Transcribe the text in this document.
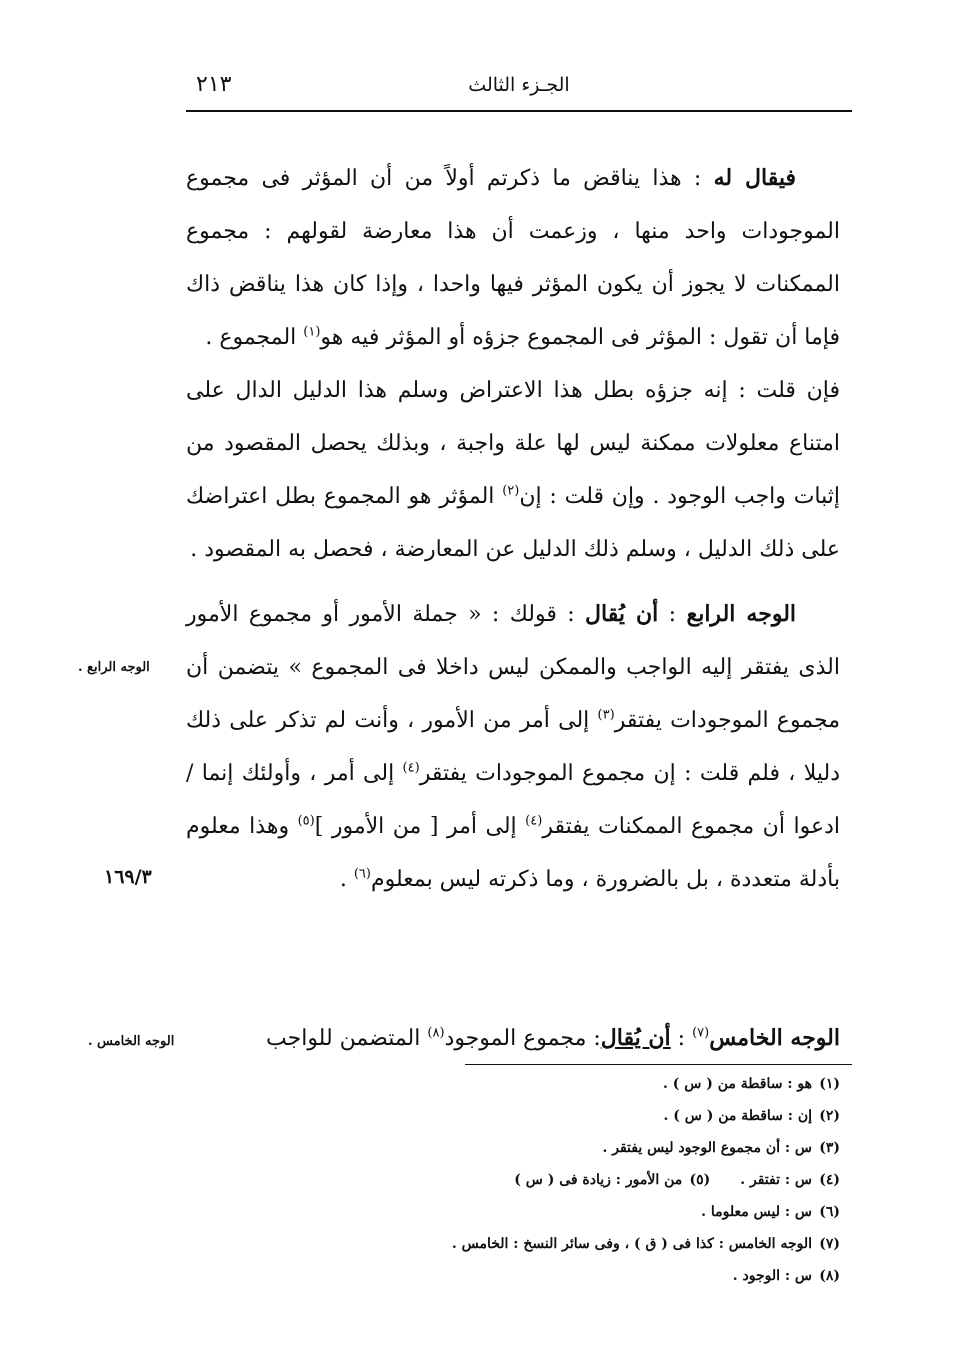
الجـزء الثالث
٢١٣

فيقال له : هذا يناقض ما ذكرتم أولاً من أن المؤثر فى مجموع الموجودات واحد منها ، وزعمت أن هذا معارضة لقولهم : مجموع الممكنات لا يجوز أن يكون المؤثر فيها واحدا ، وإذا كان هذا يناقض ذاك فإما أن تقول : المؤثر فى المجموع جزؤه أو المؤثر فيه هو$^{(١)}$ المجموع .

فإن قلت : إنه جزؤه بطل هذا الاعتراض وسلم هذا الدليل الدال على امتناع معلولات ممكنة ليس لها علة واجبة ، وبذلك يحصل المقصود من إثبات واجب الوجود . وإن قلت : إن$^{(٢)}$ المؤثر هو المجموع بطل اعتراضك على ذلك الدليل ، وسلم ذلك الدليل عن المعارضة ، فحصل به المقصود .

الوجه الرابع : أن يُقال : قولك : « جملة الأمور أو مجموع الأمور الذى يفتقر إليه الواجب والممكن ليس داخلا فى المجموع » يتضمن أن مجموع الموجودات يفتقر$^{(٣)}$ إلى أمر من الأمور ، وأنت لم تذكر على ذلك دليلا ، فلم قلت : إن مجموع الموجودات يفتقر$^{(٤)}$ إلى أمر ، وأولئك إنما / ادعوا أن مجموع الممكنات يفتقر$^{(٤)}$ إلى أمر [ من الأمور ]$^{(٥)}$ وهذا معلوم بأدلة متعددة ، بل بالضرورة ، وما ذكرته ليس بمعلوم$^{(٦)}$ .

الوجه الرابع .
١٦٩/٣
الوجه الخامس$^{(٧)}$ : أن يُقال: مجموع الموجود$^{(٨)}$ المتضمن للواجب
الوجه الخامس .
(١)هو : ساقطة من ( س ) .
(٢)إن : ساقطة من ( س ) .
(٣)س : أن مجموع الوجود ليس يفتقر .
(٤)س : تفتقر .(٥)من الأمور : زيادة فى ( س )
(٦)س : ليس معلوما .
(٧)الوجه الخامس : كذا فى ( ق ) ، وفى سائر النسخ : الخامس .
(٨)س : الوجود .
